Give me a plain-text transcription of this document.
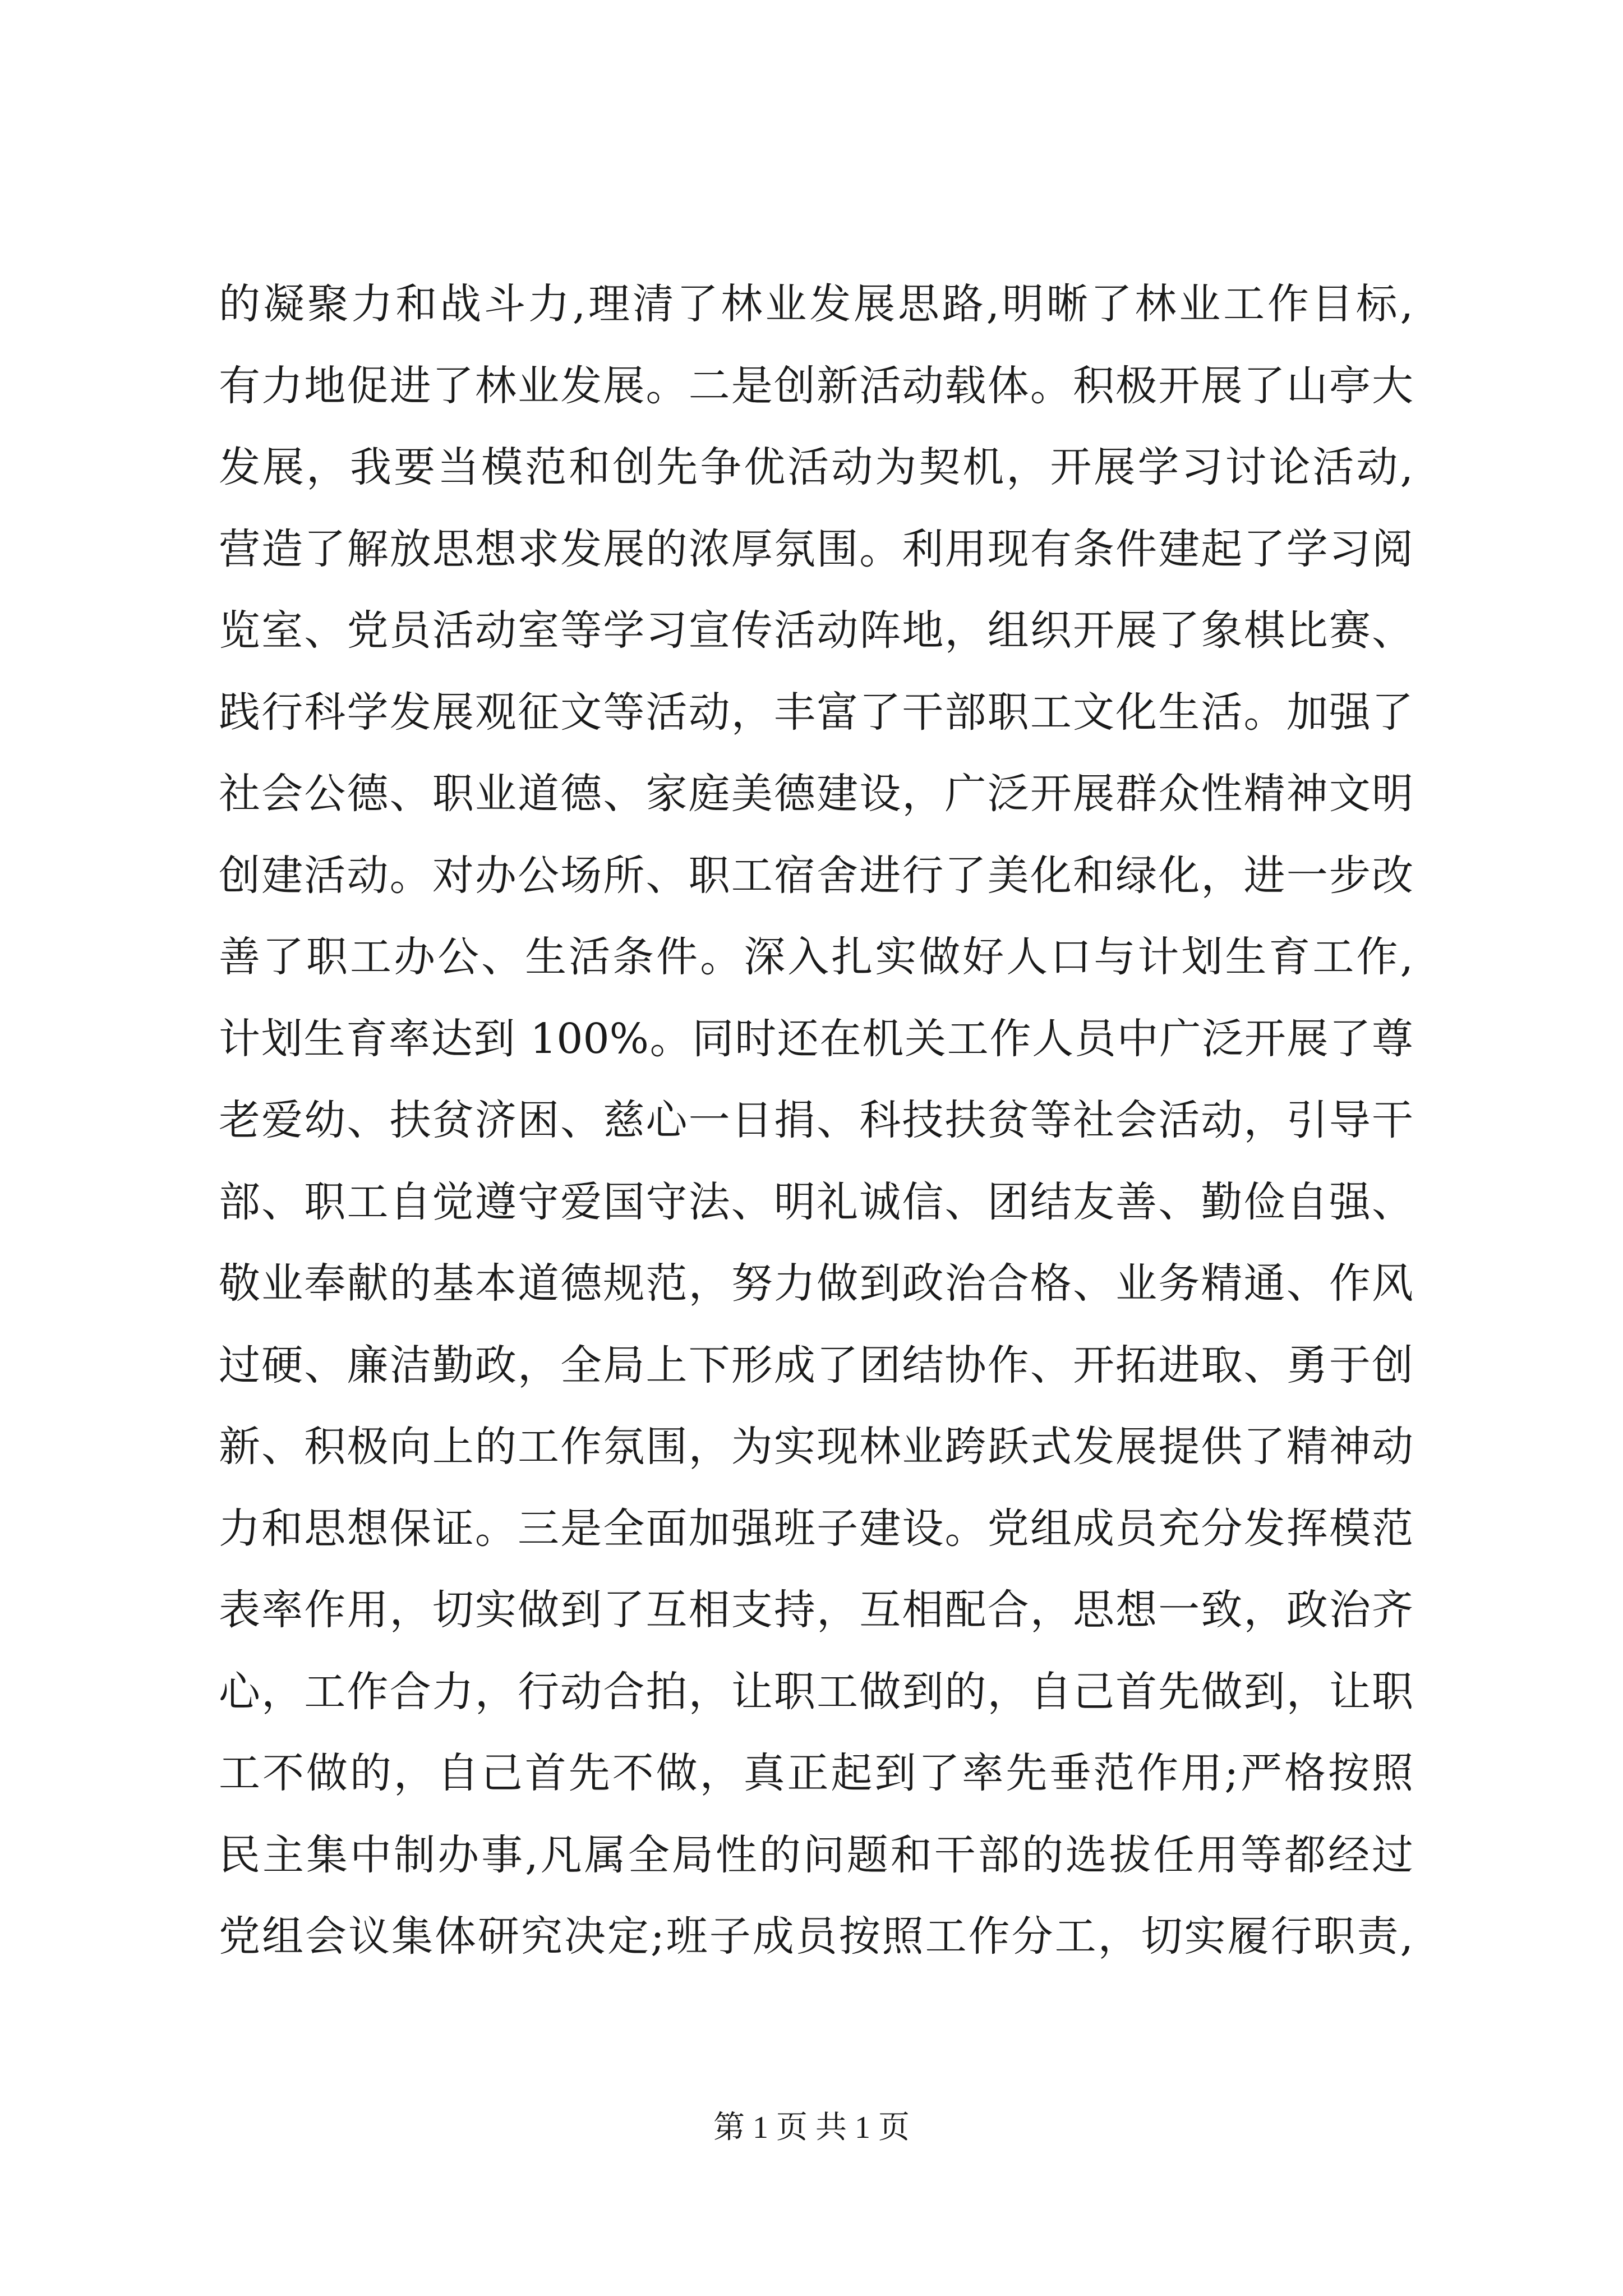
的凝聚力和战斗力,理清了林业发展思路,明晰了林业工作目标,
有力地促进了林业发展。二是创新活动载体。积极开展了山亭大
发展，我要当模范和创先争优活动为契机，开展学习讨论活动,
营造了解放思想求发展的浓厚氛围。利用现有条件建起了学习阅
览室、党员活动室等学习宣传活动阵地，组织开展了象棋比赛、
践行科学发展观征文等活动，丰富了干部职工文化生活。加强了
社会公德、职业道德、家庭美德建设，广泛开展群众性精神文明
创建活动。对办公场所、职工宿舍进行了美化和绿化，进一步改
善了职工办公、生活条件。深入扎实做好人口与计划生育工作,
计划生育率达到 100%。同时还在机关工作人员中广泛开展了尊
老爱幼、扶贫济困、慈心一日捐、科技扶贫等社会活动，引导干
部、职工自觉遵守爱国守法、明礼诚信、团结友善、勤俭自强、
敬业奉献的基本道德规范，努力做到政治合格、业务精通、作风
过硬、廉洁勤政，全局上下形成了团结协作、开拓进取、勇于创
新、积极向上的工作氛围，为实现林业跨跃式发展提供了精神动
力和思想保证。三是全面加强班子建设。党组成员充分发挥模范
表率作用，切实做到了互相支持，互相配合，思想一致，政治齐
心，工作合力，行动合拍，让职工做到的，自己首先做到，让职
工不做的，自己首先不做，真正起到了率先垂范作用;严格按照
民主集中制办事,凡属全局性的问题和干部的选拔任用等都经过
党组会议集体研究决定;班子成员按照工作分工，切实履行职责,
第 1 页 共 1 页
